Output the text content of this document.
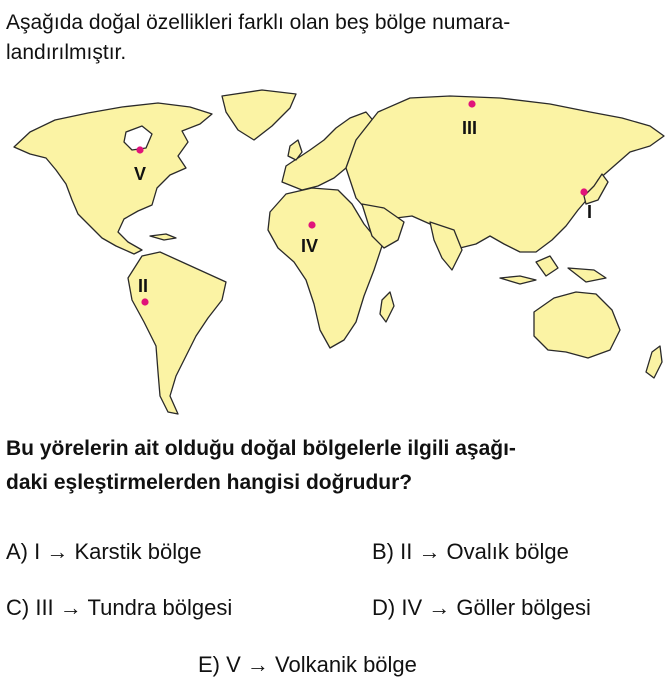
Aşağıda doğal özellikleri farklı olan beş bölge numara-
landırılmıştır.

V
III
I
IV
II

Bu yörelerin ait olduğu doğal bölgelerle ilgili aşağı-
daki eşleştirmelerden hangisi doğrudur?

A) I → Karstik bölge	B) II → Ovalık bölge
C) III → Tundra bölgesi	D) IV → Göller bölgesi
E) V → Volkanik bölge
